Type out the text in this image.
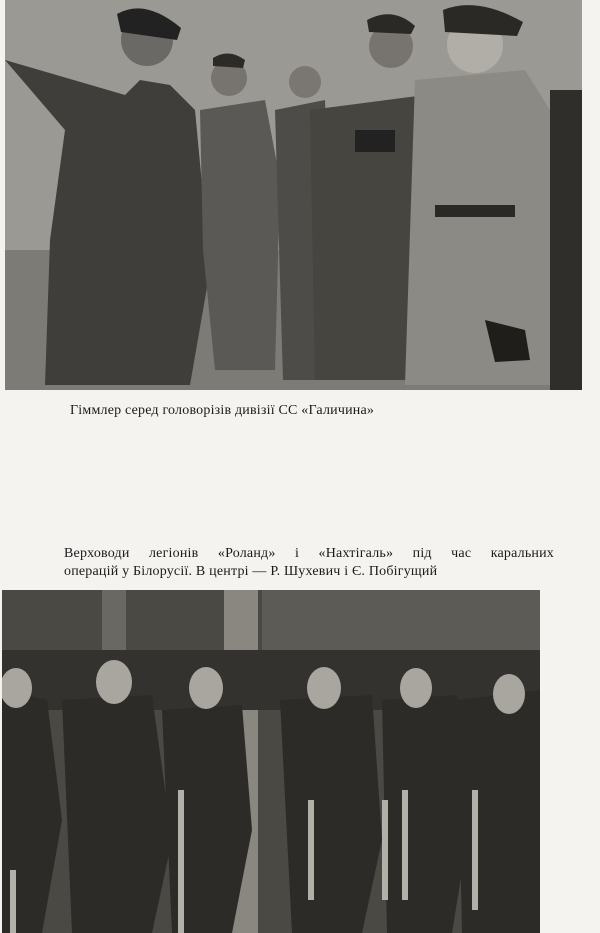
Гіммлер серед головорізів дивізії СС «Галичина»

Верховоди легіонів «Роланд» і «Нахтігаль» під час каральних
операцій у Білорусії. В центрі — Р. Шухевич і Є. Побігущий
